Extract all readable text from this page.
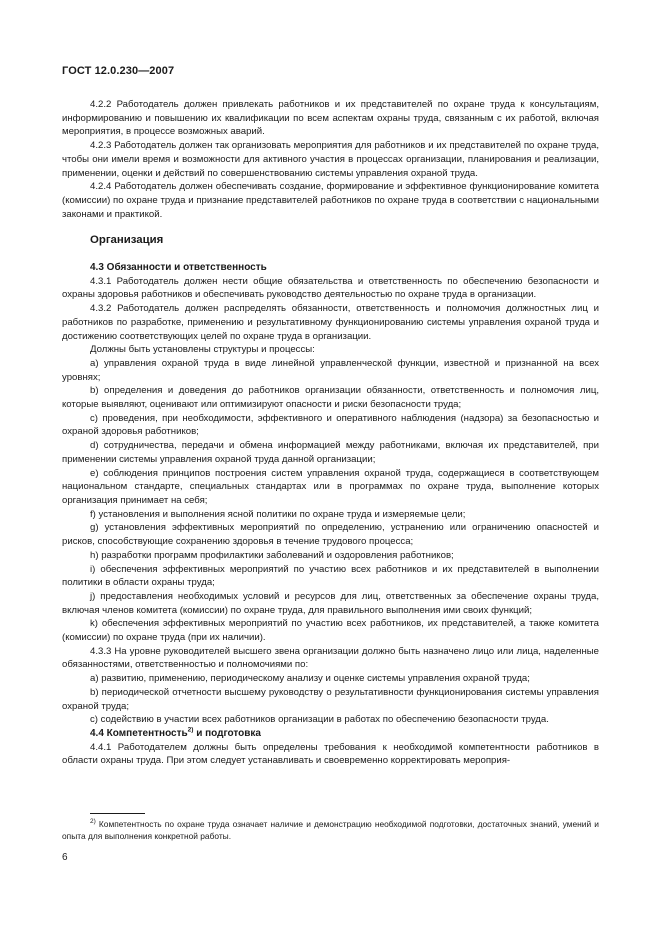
ГОСТ 12.0.230—2007

4.2.2 Работодатель должен привлекать работников и их представителей по охране труда к консультациям, информированию и повышению их квалификации по всем аспектам охраны труда, связанным с их работой, включая мероприятия, в процессе возможных аварий.

4.2.3 Работодатель должен так организовать мероприятия для работников и их представителей по охране труда, чтобы они имели время и возможности для активного участия в процессах организации, планирования и реализации, применении, оценки и действий по совершенствованию системы управления охраной труда.

4.2.4 Работодатель должен обеспечивать создание, формирование и эффективное функционирование комитета (комиссии) по охране труда и признание представителей работников по охране труда в соответствии с национальными законами и практикой.

Организация

4.3 Обязанности и ответственность

4.3.1 Работодатель должен нести общие обязательства и ответственность по обеспечению безопасности и охраны здоровья работников и обеспечивать руководство деятельностью по охране труда в организации.

4.3.2 Работодатель должен распределять обязанности, ответственность и полномочия должностных лиц и работников по разработке, применению и результативному функционированию системы управления охраной труда и достижению соответствующих целей по охране труда в организации.

Должны быть установлены структуры и процессы:

a) управления охраной труда в виде линейной управленческой функции, известной и признанной на всех уровнях;

b) определения и доведения до работников организации обязанности, ответственность и полномочия лиц, которые выявляют, оценивают или оптимизируют опасности и риски безопасности труда;

c) проведения, при необходимости, эффективного и оперативного наблюдения (надзора) за безопасностью и охраной здоровья работников;

d) сотрудничества, передачи и обмена информацией между работниками, включая их представителей, при применении системы управления охраной труда данной организации;

e) соблюдения принципов построения систем управления охраной труда, содержащиеся в соответствующем национальном стандарте, специальных стандартах или в программах по охране труда, выполнение которых организация принимает на себя;

f) установления и выполнения ясной политики по охране труда и измеряемые цели;

g) установления эффективных мероприятий по определению, устранению или ограничению опасностей и рисков, способствующие сохранению здоровья в течение трудового процесса;

h) разработки программ профилактики заболеваний и оздоровления работников;

i) обеспечения эффективных мероприятий по участию всех работников и их представителей в выполнении политики в области охраны труда;

j) предоставления необходимых условий и ресурсов для лиц, ответственных за обеспечение охраны труда, включая членов комитета (комиссии) по охране труда, для правильного выполнения ими своих функций;

k) обеспечения эффективных мероприятий по участию всех работников, их представителей, а также комитета (комиссии) по охране труда (при их наличии).

4.3.3 На уровне руководителей высшего звена организации должно быть назначено лицо или лица, наделенные обязанностями, ответственностью и полномочиями по:

a) развитию, применению, периодическому анализу и оценке системы управления охраной труда;

b) периодической отчетности высшему руководству о результативности функционирования системы управления охраной труда;

c) содействию в участии всех работников организации в работах по обеспечению безопасности труда.

4.4 Компетентность$^{2)}$ и подготовка

4.4.1 Работодателем должны быть определены требования к необходимой компетентности работников в области охраны труда. При этом следует устанавливать и своевременно корректировать мероприя-

$^{2)}$ Компетентность по охране труда означает наличие и демонстрацию необходимой подготовки, достаточных знаний, умений и опыта для выполнения конкретной работы.

6
